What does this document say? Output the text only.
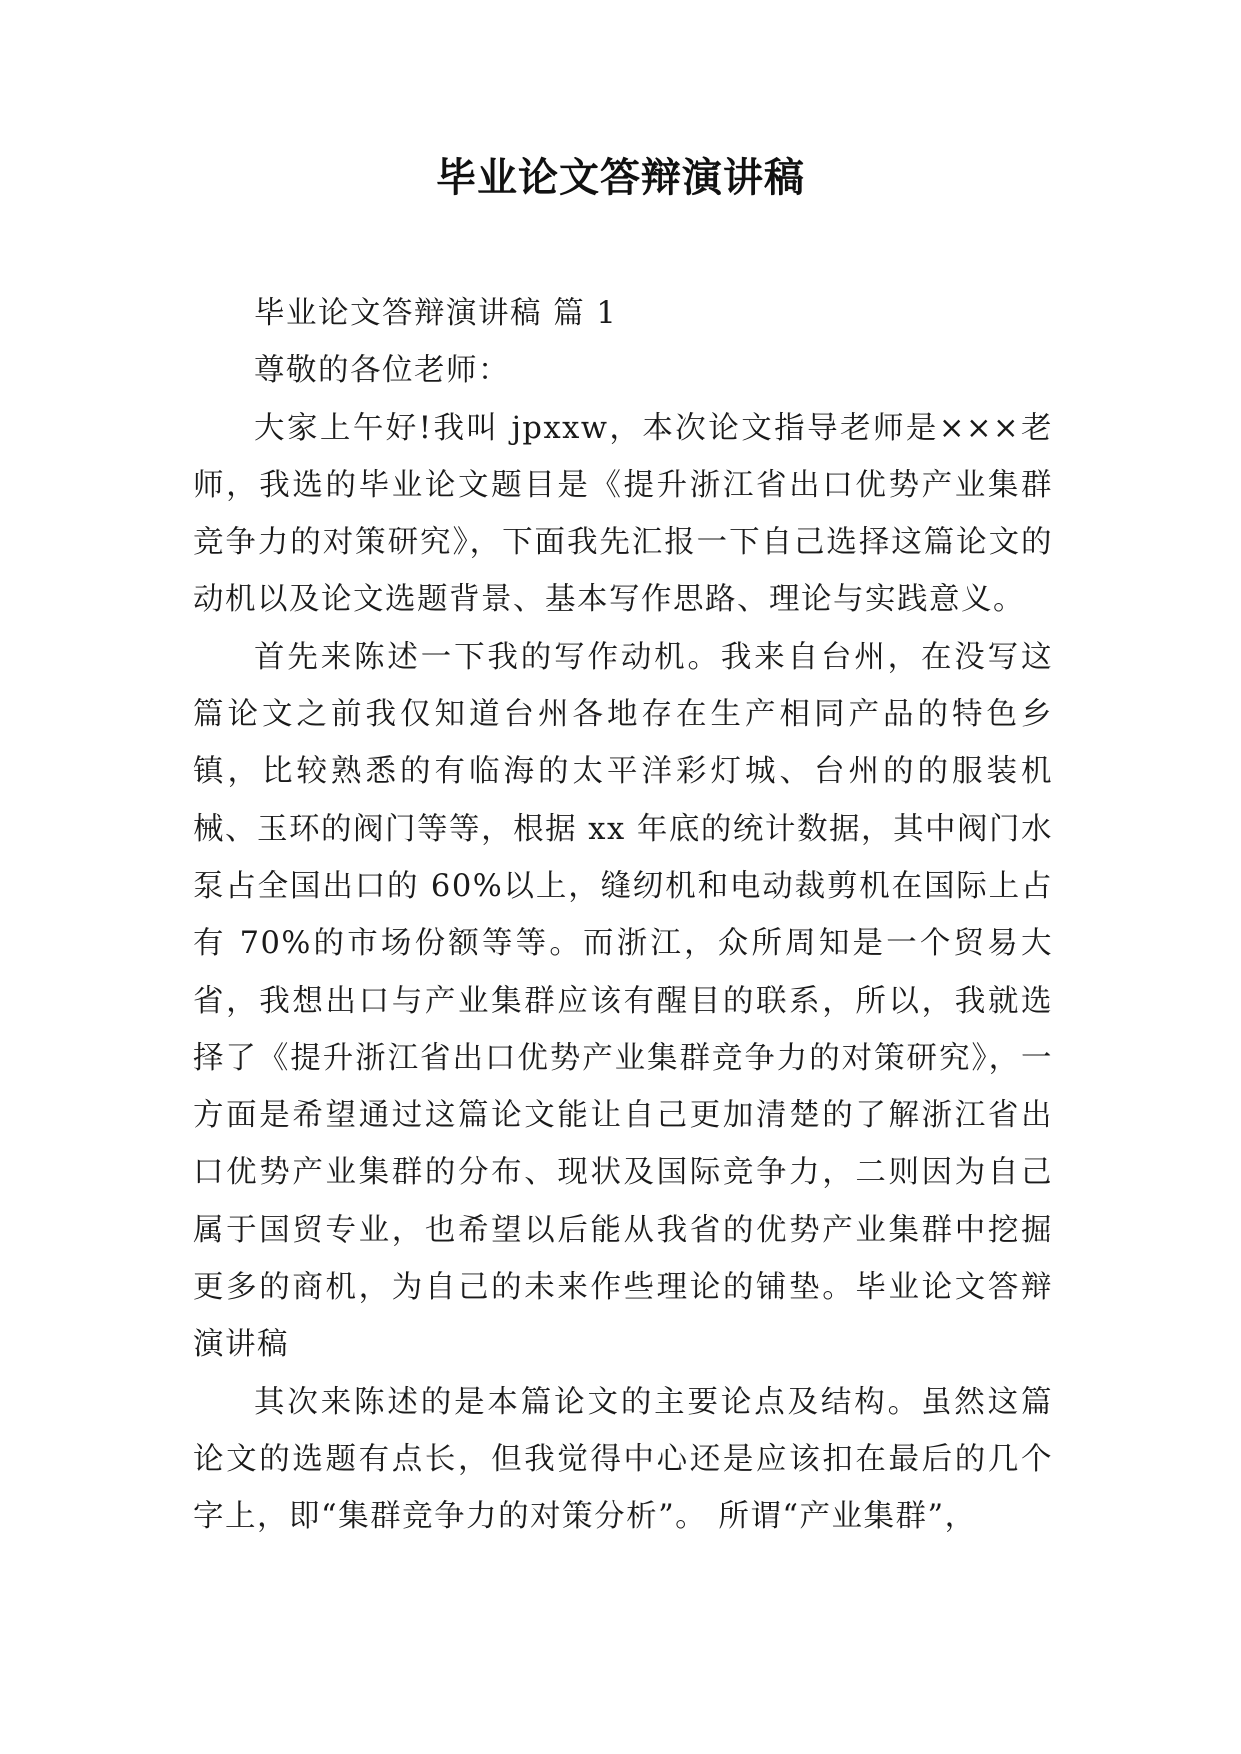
毕业论文答辩演讲稿

毕业论文答辩演讲稿 篇 1

尊敬的各位老师：

大家上午好!我叫 jpxxw，本次论文指导老师是×××老师，我选的毕业论文题目是《提升浙江省出口优势产业集群竞争力的对策研究》，下面我先汇报一下自己选择这篇论文的动机以及论文选题背景、基本写作思路、理论与实践意义。

首先来陈述一下我的写作动机。我来自台州，在没写这篇论文之前我仅知道台州各地存在生产相同产品的特色乡镇，比较熟悉的有临海的太平洋彩灯城、台州的的服装机械、玉环的阀门等等，根据 xx 年底的统计数据，其中阀门水泵占全国出口的 60%以上，缝纫机和电动裁剪机在国际上占有 70%的市场份额等等。而浙江，众所周知是一个贸易大省，我想出口与产业集群应该有醒目的联系，所以，我就选择了《提升浙江省出口优势产业集群竞争力的对策研究》，一方面是希望通过这篇论文能让自己更加清楚的了解浙江省出口优势产业集群的分布、现状及国际竞争力，二则因为自己属于国贸专业，也希望以后能从我省的优势产业集群中挖掘更多的商机，为自己的未来作些理论的铺垫。毕业论文答辩演讲稿

其次来陈述的是本篇论文的主要论点及结构。虽然这篇论文的选题有点长，但我觉得中心还是应该扣在最后的几个字上，即“集群竞争力的对策分析”。 所谓“产业集群”，
